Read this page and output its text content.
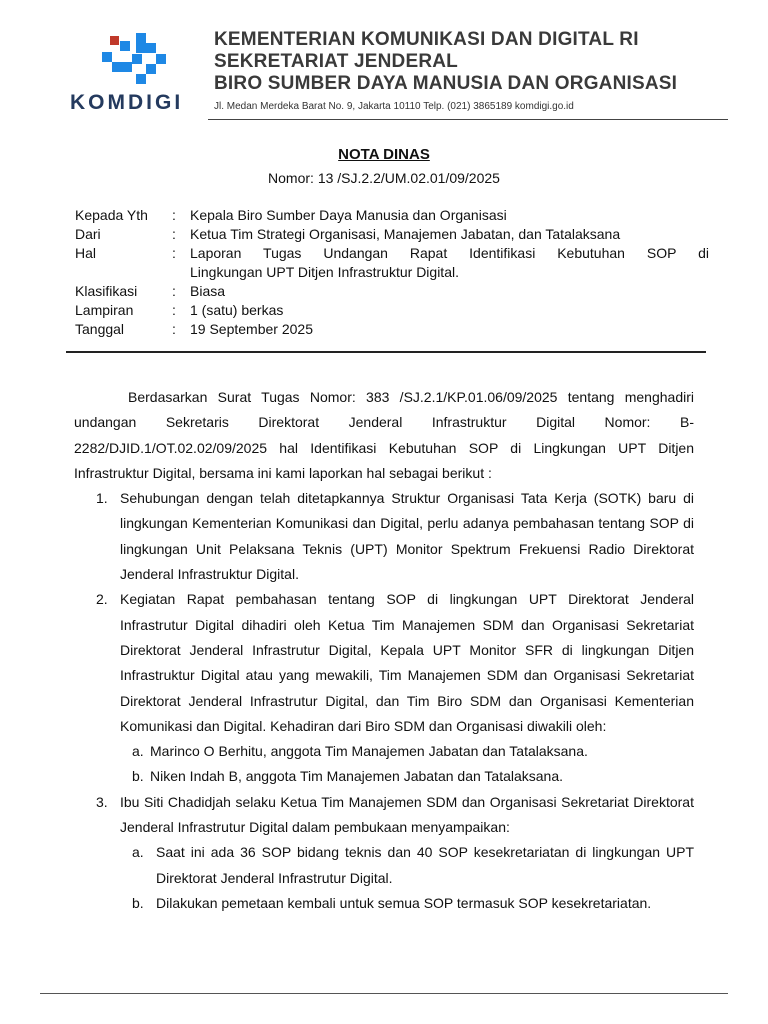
KOMDIGI
KEMENTERIAN KOMUNIKASI DAN DIGITAL RI
SEKRETARIAT JENDERAL
BIRO SUMBER DAYA MANUSIA DAN ORGANISASI
Jl. Medan Merdeka Barat No. 9, Jakarta 10110 Telp. (021) 3865189 komdigi.go.id
NOTA DINAS
Nomor: 13 /SJ.2.2/UM.02.01/09/2025
Kepada Yth	:	Kepala Biro Sumber Daya Manusia dan Organisasi
Dari	:	Ketua Tim Strategi Organisasi, Manajemen Jabatan, dan Tatalaksana
Hal	:	Laporan Tugas Undangan Rapat Identifikasi Kebutuhan SOP di
Lingkungan UPT Ditjen Infrastruktur Digital.
Klasifikasi	:	Biasa
Lampiran	:	1 (satu) berkas
Tanggal	:	19 September 2025

Berdasarkan Surat Tugas Nomor: 383 /SJ.2.1/KP.01.06/09/2025 tentang menghadiri undangan Sekretaris Direktorat Jenderal Infrastruktur Digital Nomor: B-2282/DJID.1/OT.02.02/09/2025 hal Identifikasi Kebutuhan SOP di Lingkungan UPT Ditjen Infrastruktur Digital, bersama ini kami laporkan hal sebagai berikut :

1. Sehubungan dengan telah ditetapkannya Struktur Organisasi Tata Kerja (SOTK) baru di lingkungan Kementerian Komunikasi dan Digital, perlu adanya pembahasan tentang SOP di lingkungan Unit Pelaksana Teknis (UPT) Monitor Spektrum Frekuensi Radio Direktorat Jenderal Infrastruktur Digital.
2. Kegiatan Rapat pembahasan tentang SOP di lingkungan UPT Direktorat Jenderal Infrastrutur Digital dihadiri oleh Ketua Tim Manajemen SDM dan Organisasi Sekretariat Direktorat Jenderal Infrastrutur Digital, Kepala UPT Monitor SFR di lingkungan Ditjen Infrastruktur Digital atau yang mewakili, Tim Manajemen SDM dan Organisasi Sekretariat Direktorat Jenderal Infrastrutur Digital, dan Tim Biro SDM dan Organisasi Kementerian Komunikasi dan Digital. Kehadiran dari Biro SDM dan Organisasi diwakili oleh:
a. Marinco O Berhitu, anggota Tim Manajemen Jabatan dan Tatalaksana.
b. Niken Indah B, anggota Tim Manajemen Jabatan dan Tatalaksana.
3. Ibu Siti Chadidjah selaku Ketua Tim Manajemen SDM dan Organisasi Sekretariat Direktorat Jenderal Infrastrutur Digital dalam pembukaan menyampaikan:
a. Saat ini ada 36 SOP bidang teknis dan 40 SOP kesekretariatan di lingkungan UPT Direktorat Jenderal Infrastrutur Digital.
b. Dilakukan pemetaan kembali untuk semua SOP termasuk SOP kesekretariatan.
